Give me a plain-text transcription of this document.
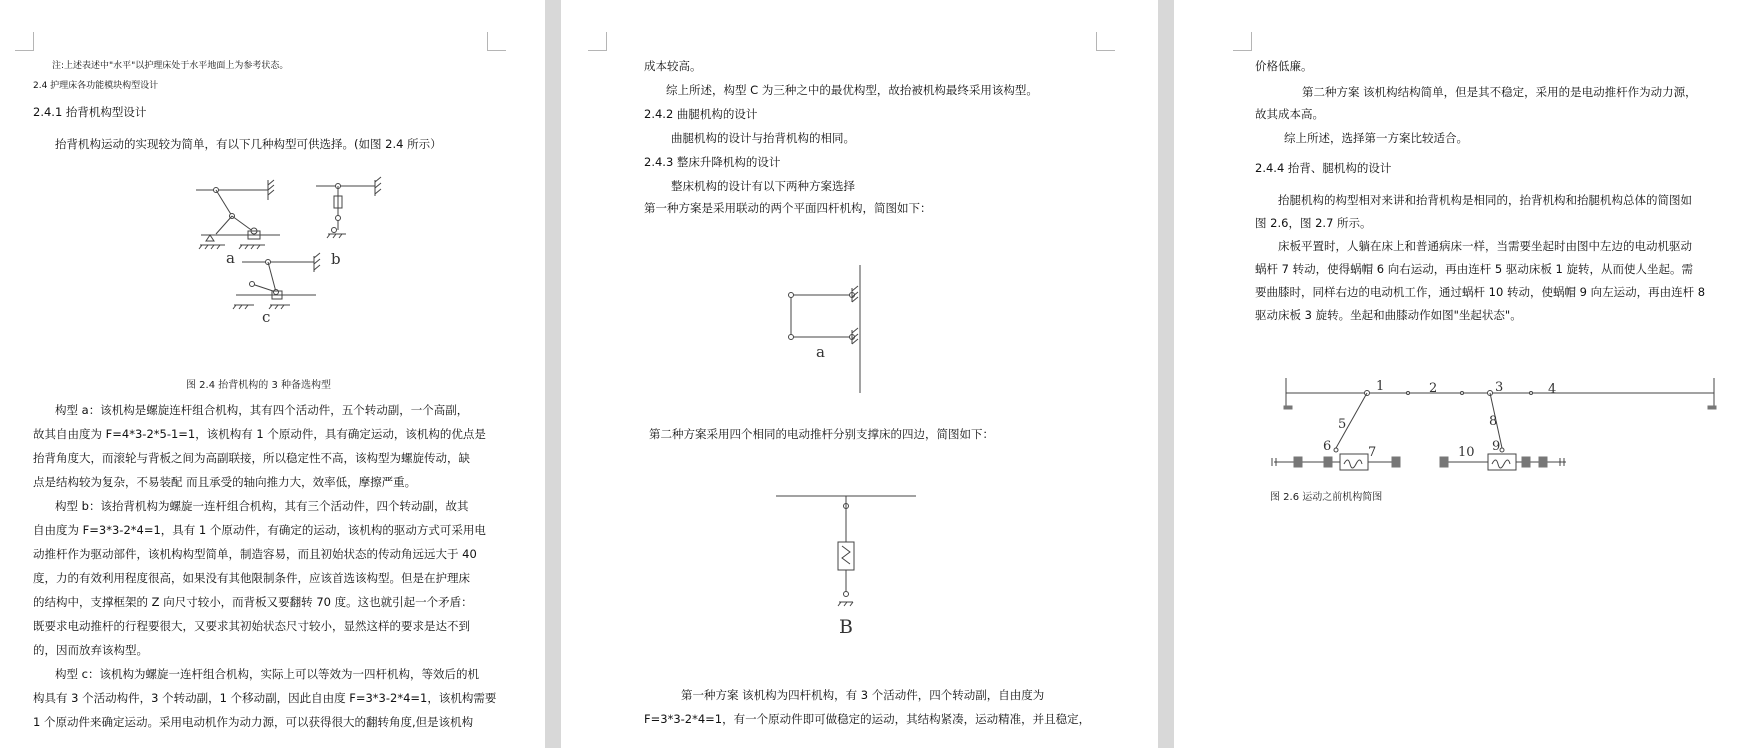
注:上述表述中"水平"以护理床处于水平地面上为参考状态。
2.4 护理床各功能模块构型设计
2.4.1 抬背机构型设计
抬背机构运动的实现较为简单，有以下几种构型可供选择。(如图 2.4 所示）
a	b
c
图 2.4 抬背机构的 3 种备选构型
构型 a：该机构是螺旋连杆组合机构，其有四个活动件，五个转动副，一个高副，
故其自由度为 F=4*3-2*5-1=1，该机构有 1 个原动件，具有确定运动，该机构的优点是
抬背角度大，而滚轮与背板之间为高副联接，所以稳定性不高，该构型为螺旋传动，缺
点是结构较为复杂，不易装配 而且承受的轴向推力大，效率低，摩擦严重。
构型 b：该抬背机构为螺旋一连杆组合机构，其有三个活动件，四个转动副，故其
自由度为 F=3*3-2*4=1，具有 1 个原动件，有确定的运动，该机构的驱动方式可采用电
动推杆作为驱动部件，该机构构型简单，制造容易，而且初始状态的传动角远远大于 40
度，力的有效利用程度很高，如果没有其他限制条件，应该首选该构型。但是在护理床
的结构中，支撑框架的 Z 向尺寸较小，而背板又要翻转 70 度。这也就引起一个矛盾：
既要求电动推杆的行程要很大，又要求其初始状态尺寸较小，显然这样的要求是达不到
的，因而放弃该构型。
构型 c：该机构为螺旋一连杆组合机构，实际上可以等效为一四杆机构，等效后的机
构具有 3 个活动构件，3 个转动副，1 个移动副，因此自由度 F=3*3-2*4=1，该机构需要
1 个原动件来确定运动。采用电动机作为动力源，可以获得很大的翻转角度,但是该机构
成本较高。
综上所述，构型 C 为三种之中的最优构型，故抬被机构最终采用该构型。
2.4.2 曲腿机构的设计
曲腿机构的设计与抬背机构的相同。
2.4.3 整床升降机构的设计
整床机构的设计有以下两种方案选择
第一种方案是采用联动的两个平面四杆机构，简图如下：
a
第二种方案采用四个相同的电动推杆分别支撑床的四边，简图如下：
B
第一种方案 该机构为四杆机构，有 3 个活动件，四个转动副，自由度为
F=3*3-2*4=1，有一个原动件即可做稳定的运动，其结构紧凑，运动精准，并且稳定，
价格低廉。
第二种方案 该机构结构简单，但是其不稳定，采用的是电动推杆作为动力源，
故其成本高。
综上所述，选择第一方案比较适合。
2.4.4 抬背、腿机构的设计
抬腿机构的构型相对来讲和抬背机构是相同的，抬背机构和抬腿机构总体的简图如
图 2.6，图 2.7 所示。
床板平置时，人躺在床上和普通病床一样，当需要坐起时由图中左边的电动机驱动
蜗杆 7 转动，使得蜗帽 6 向右运动，再由连杆 5 驱动床板 1 旋转，从而使人坐起。需
要曲膝时，同样右边的电动机工作，通过蜗杆 10 转动，使蜗帽 9 向左运动，再由连杆 8
驱动床板 3 旋转。坐起和曲膝动作如图"坐起状态"。
1	2	3	4
5
6	7
8
9
10
图 2.6 运动之前机构简图
